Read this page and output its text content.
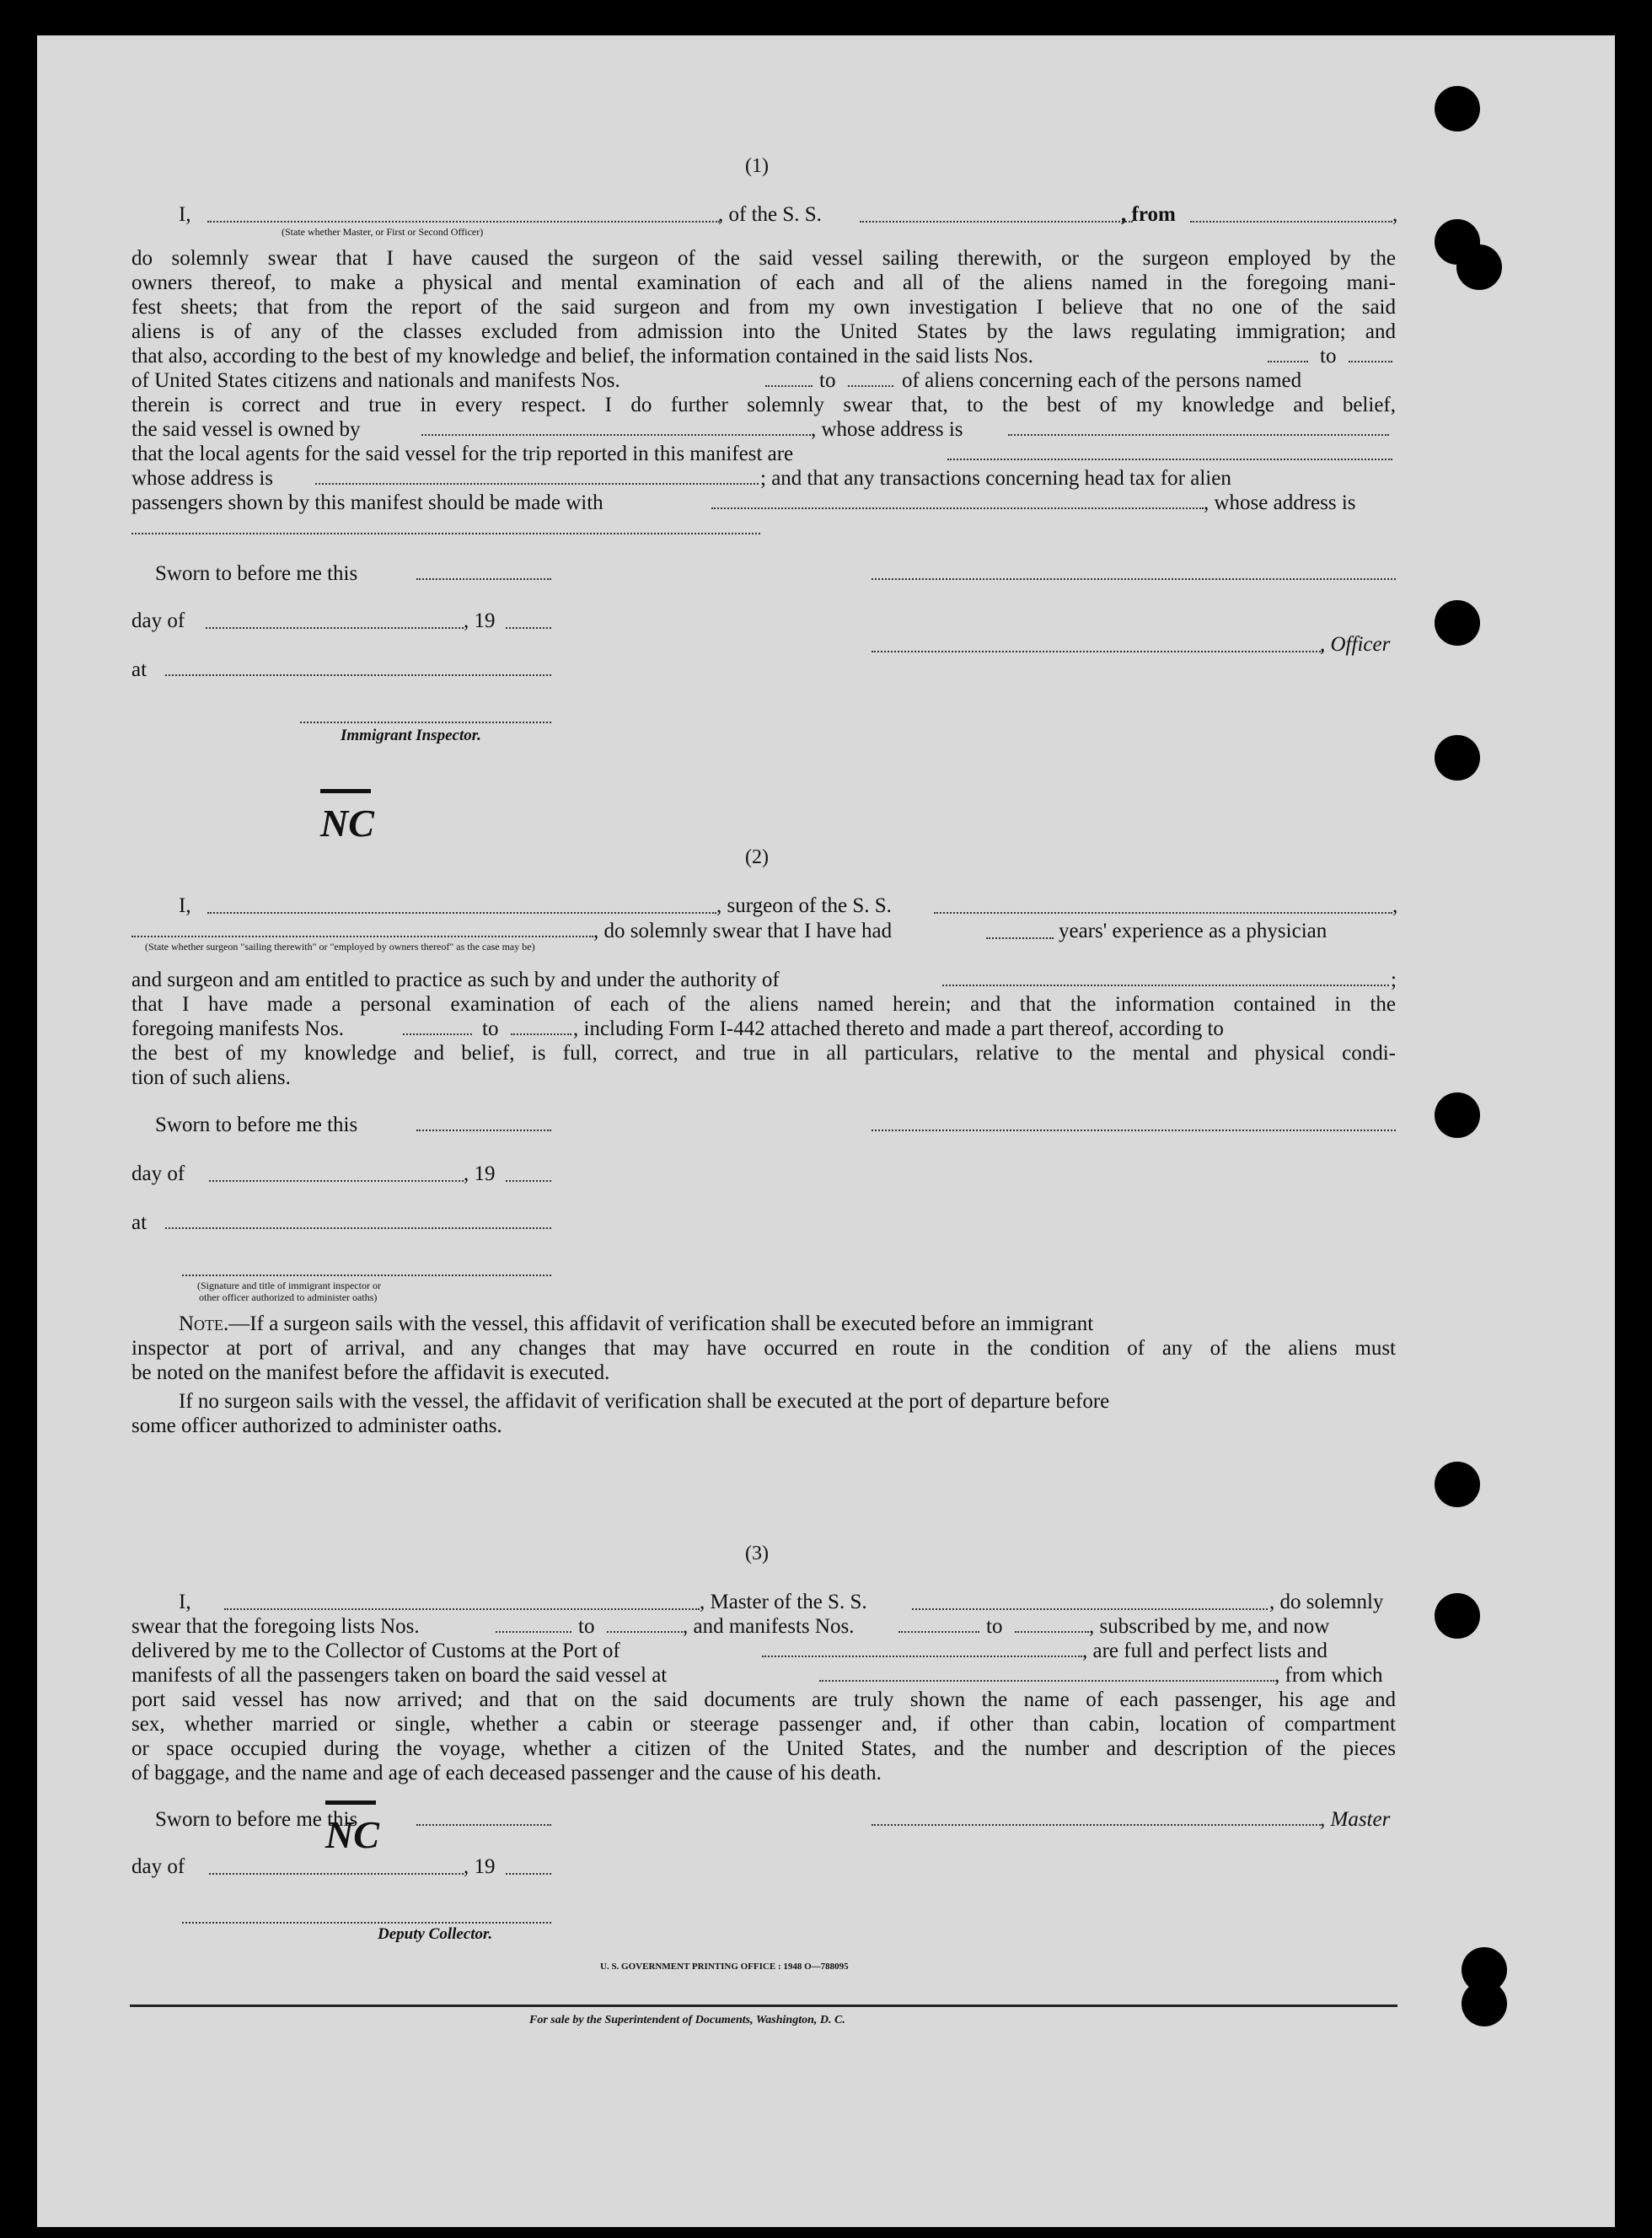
(1)
I,	, of the S. S.	, from	,
(State whether Master, or First or Second Officer)
do solemnly swear that I have caused the surgeon of the said vessel sailing therewith, or the surgeon employed by the
owners thereof, to make a physical and mental examination of each and all of the aliens named in the foregoing mani-
fest sheets; that from the report of the said surgeon and from my own investigation I believe that no one of the said
aliens is of any of the classes excluded from admission into the United States by the laws regulating immigration; and
that also, according to the best of my knowledge and belief, the information contained in the said lists Nos.	to
of United States citizens and nationals and manifests Nos.	to	of aliens concerning each of the persons named
therein is correct and true in every respect. I do further solemnly swear that, to the best of my knowledge and belief,
the said vessel is owned by	, whose address is
that the local agents for the said vessel for the trip reported in this manifest are
whose address is	; and that any transactions concerning head tax for alien
passengers shown by this manifest should be made with	, whose address is
Sworn to before me this
day of	, 19
, Officer
at
Immigrant Inspector.
NC
(2)
I,	, surgeon of the S. S.	,
, do solemnly swear that I have had	years' experience as a physician
(State whether surgeon "sailing therewith" or "employed by owners thereof" as the case may be)
and surgeon and am entitled to practice as such by and under the authority of	;
that I have made a personal examination of each of the aliens named herein; and that the information contained in the
foregoing manifests Nos.	to	, including Form I-442 attached thereto and made a part thereof, according to
the best of my knowledge and belief, is full, correct, and true in all particulars, relative to the mental and physical condi-
tion of such aliens.
Sworn to before me this
day of	, 19
at
(Signature and title of immigrant inspector or
other officer authorized to administer oaths)
Note.—If a surgeon sails with the vessel, this affidavit of verification shall be executed before an immigrant
inspector at port of arrival, and any changes that may have occurred en route in the condition of any of the aliens must
be noted on the manifest before the affidavit is executed.
If no surgeon sails with the vessel, the affidavit of verification shall be executed at the port of departure before
some officer authorized to administer oaths.
(3)
I,	, Master of the S. S.	, do solemnly
swear that the foregoing lists Nos.	to	, and manifests Nos.	to	, subscribed by me, and now
delivered by me to the Collector of Customs at the Port of	, are full and perfect lists and
manifests of all the passengers taken on board the said vessel at	, from which
port said vessel has now arrived; and that on the said documents are truly shown the name of each passenger, his age and
sex, whether married or single, whether a cabin or steerage passenger and, if other than cabin, location of compartment
or space occupied during the voyage, whether a citizen of the United States, and the number and description of the pieces
of baggage, and the name and age of each deceased passenger and the cause of his death.
NC
Sworn to before me this	, Master
day of	, 19
Deputy Collector.
U. S. GOVERNMENT PRINTING OFFICE : 1948 O—788095
For sale by the Superintendent of Documents, Washington, D. C.
